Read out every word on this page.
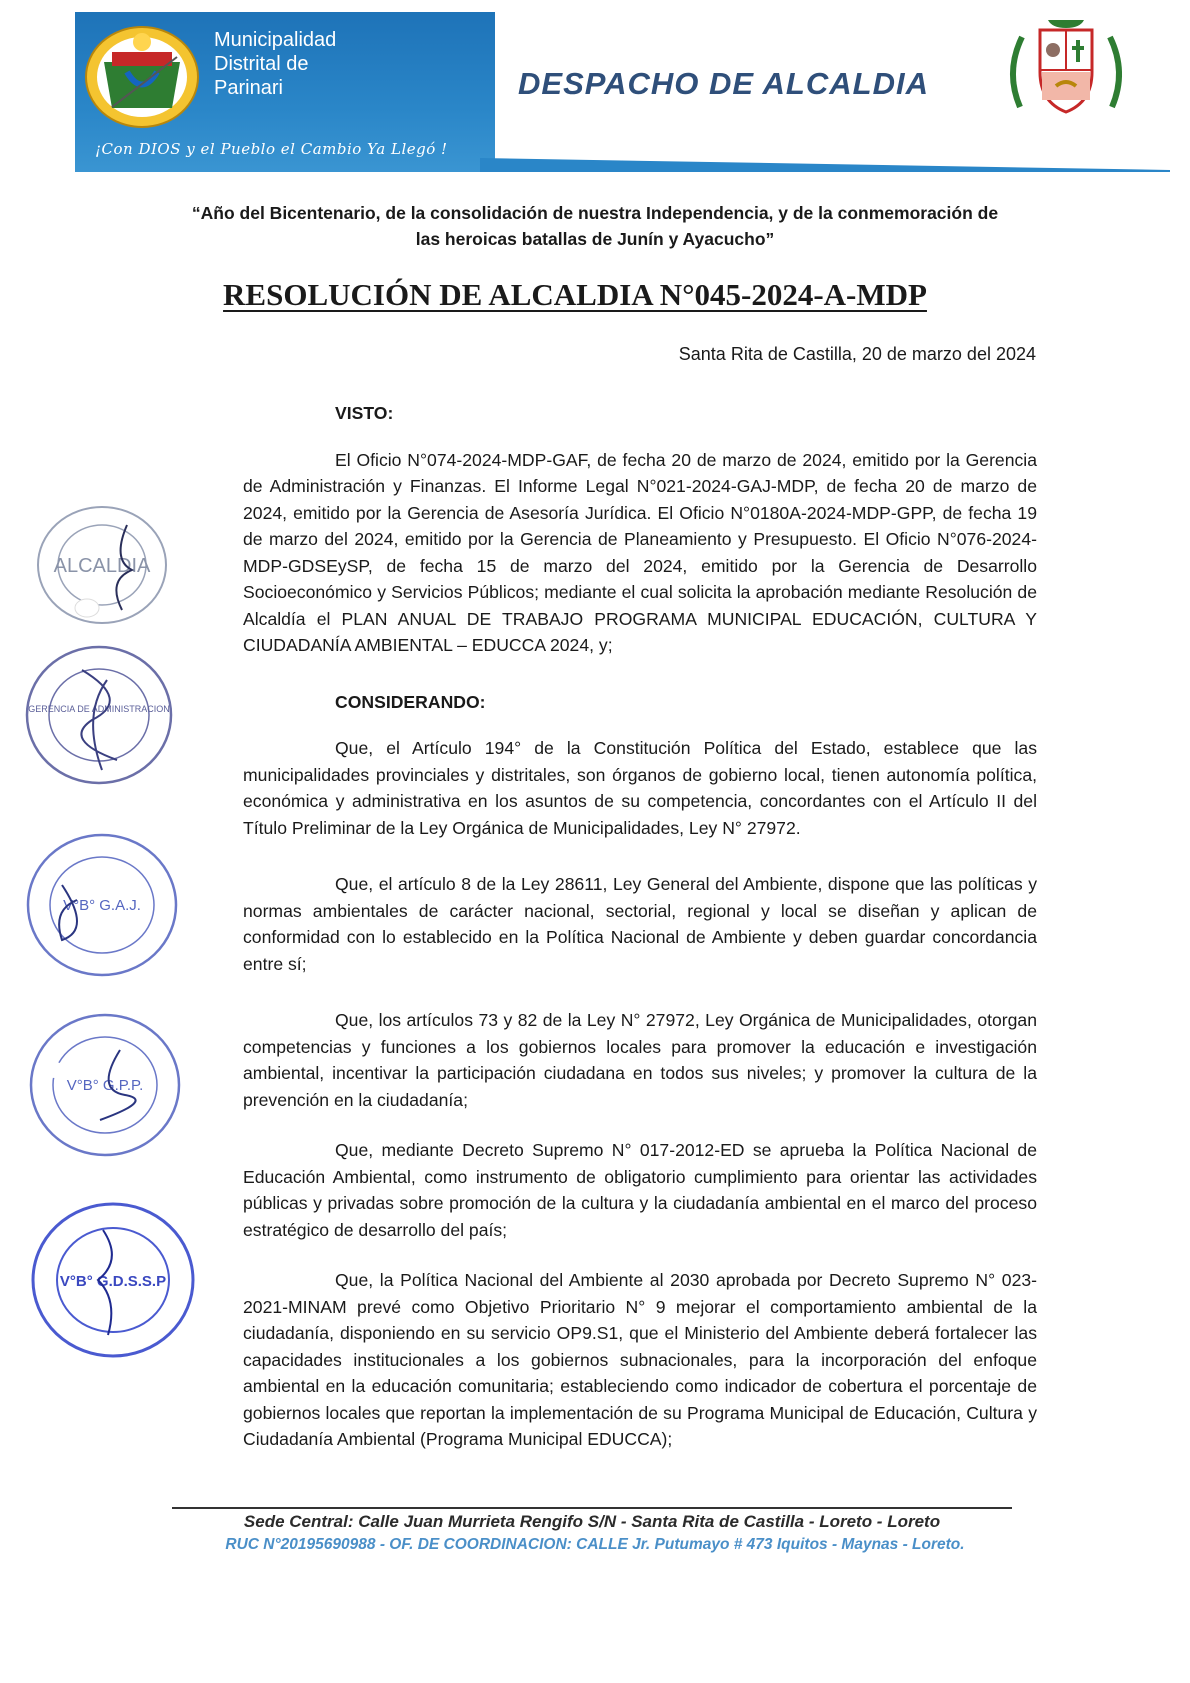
Municipalidad
Distrital de
Parinari
¡Con DIOS y el Pueblo el Cambio Ya Llegó !
DESPACHO DE ALCALDIA
“Año del Bicentenario, de la consolidación de nuestra Independencia, y de la conmemoración de
las heroicas batallas de Junín y Ayacucho”
RESOLUCIÓN DE ALCALDIA N°045-2024-A-MDP
Santa Rita de Castilla, 20 de marzo del 2024

VISTO:

El Oficio N°074-2024-MDP-GAF, de fecha 20 de marzo de 2024, emitido por la Gerencia de Administración y Finanzas. El Informe Legal N°021-2024-GAJ-MDP, de fecha 20 de marzo de 2024, emitido por la Gerencia de Asesoría Jurídica. El Oficio N°0180A-2024-MDP-GPP, de fecha 19 de marzo del 2024, emitido por la Gerencia de Planeamiento y Presupuesto. El Oficio N°076-2024-MDP-GDSEySP, de fecha 15 de marzo del 2024, emitido por la Gerencia de Desarrollo Socioeconómico y Servicios Públicos; mediante el cual solicita la aprobación mediante Resolución de Alcaldía el PLAN ANUAL DE TRABAJO PROGRAMA MUNICIPAL EDUCACIÓN, CULTURA Y CIUDADANÍA AMBIENTAL – EDUCCA 2024, y;

CONSIDERANDO:

Que, el Artículo 194° de la Constitución Política del Estado, establece que las municipalidades provinciales y distritales, son órganos de gobierno local, tienen autonomía política, económica y administrativa en los asuntos de su competencia, concordantes con el Artículo II del Título Preliminar de la Ley Orgánica de Municipalidades, Ley N° 27972.

Que, el artículo 8 de la Ley 28611, Ley General del Ambiente, dispone que las políticas y normas ambientales de carácter nacional, sectorial, regional y local se diseñan y aplican de conformidad con lo establecido en la Política Nacional de Ambiente y deben guardar concordancia entre sí;

Que, los artículos 73 y 82 de la Ley N° 27972, Ley Orgánica de Municipalidades, otorgan competencias y funciones a los gobiernos locales para promover la educación e investigación ambiental, incentivar la participación ciudadana en todos sus niveles; y promover la cultura de la prevención en la ciudadanía;

Que, mediante Decreto Supremo N° 017-2012-ED se aprueba la Política Nacional de Educación Ambiental, como instrumento de obligatorio cumplimiento para orientar las actividades públicas y privadas sobre promoción de la cultura y la ciudadanía ambiental en el marco del proceso estratégico de desarrollo del país;

Que, la Política Nacional del Ambiente al 2030 aprobada por Decreto Supremo N° 023-2021-MINAM prevé como Objetivo Prioritario N° 9 mejorar el comportamiento ambiental de la ciudadanía, disponiendo en su servicio OP9.S1, que el Ministerio del Ambiente deberá fortalecer las capacidades institucionales a los gobiernos subnacionales, para la incorporación del enfoque ambiental en la educación comunitaria; estableciendo como indicador de cobertura el porcentaje de gobiernos locales que reportan la implementación de su Programa Municipal de Educación, Cultura y Ciudadanía Ambiental (Programa Municipal EDUCCA);

ALCALDIA
GERENCIA DE ADMINISTRACION
V°B° G.A.J.
V°B° G.P.P.
V°B° G.D.S.S.P
Sede Central: Calle Juan Murrieta Rengifo S/N - Santa Rita de Castilla - Loreto - Loreto
RUC N°20195690988 - OF. DE COORDINACION: CALLE Jr. Putumayo # 473 Iquitos - Maynas - Loreto.
